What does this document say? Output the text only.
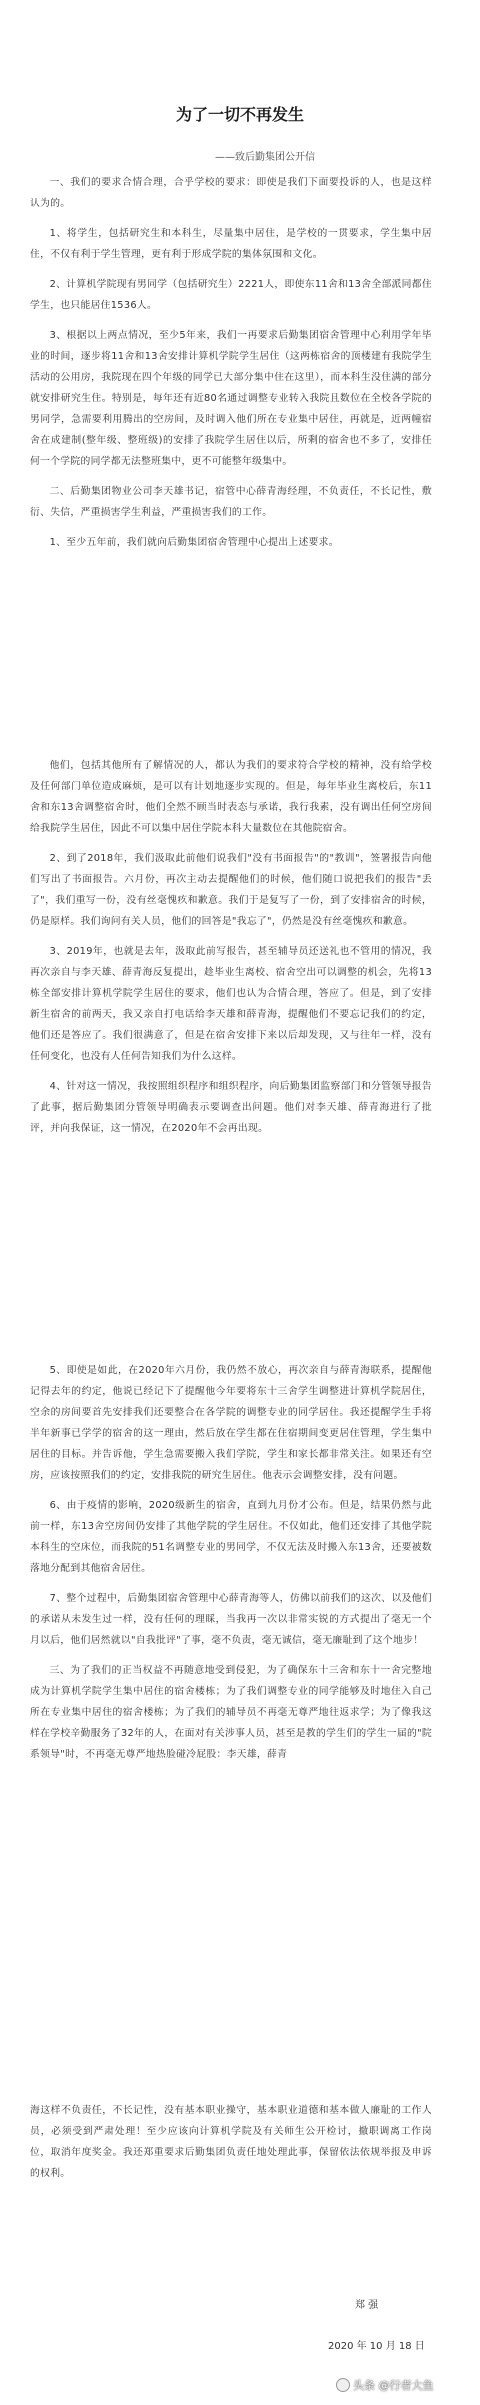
为了一切不再发生
——致后勤集团公开信

一、我们的要求合情合理，合乎学校的要求：即使是我们下面要投诉的人，也是这样认为的。

1、将学生，包括研究生和本科生，尽量集中居住，是学校的一贯要求，学生集中居住，不仅有利于学生管理，更有利于形成学院的集体氛围和文化。

2、计算机学院现有男同学（包括研究生）2221人，即使东11舍和13舍全部派同都住学生，也只能居住1536人。

3、根据以上两点情况，至少5年来，我们一再要求后勤集团宿舍管理中心利用学年毕业的时间，逐步将11舍和13舍安排计算机学院学生居住（这两栋宿舍的顶楼建有我院学生活动的公用房，我院现在四个年级的同学已大部分集中住在这里），而本科生没住满的部分就安排研究生住。特别是，每年还有近80名通过调整专业转入我院且数位在全校各学院的男同学，急需要利用腾出的空房间，及时调入他们所在专业集中居住，再就是，近两幢宿舍在成建制(整年级、整班级)的安排了我院学生居住以后，所剩的宿舍也不多了，安排任何一个学院的同学都无法整班集中，更不可能整年级集中。

二、后勤集团物业公司李天雄书记，宿管中心薛青海经理，不负责任，不长记性，敷衍、失信，严重损害学生利益，严重损害我们的工作。

1、至少五年前，我们就向后勤集团宿舍管理中心提出上述要求。

他们，包括其他所有了解情况的人，都认为我们的要求符合学校的精神，没有给学校及任何部门单位造成麻烦，是可以有计划地逐步实现的。但是，每年毕业生离校后，东11舍和东13舍调整宿舍时，他们全然不顾当时表态与承诺，我行我素，没有调出任何空房间给我院学生居住，因此不可以集中居住学院本科大量数位在其他院宿舍。

2、到了2018年，我们汲取此前他们说我们"没有书面报告"的"教训"，签署报告向他们写出了书面报告。六月份，再次主动去提醒他们的时候，他们随口说把我们的报告"丢了"，我们重写一份，没有丝毫愧疚和歉意。我们于是复写了一份，到了安排宿舍的时候，仍是原样。我们询问有关人员，他们的回答是"我忘了"，仍然是没有丝毫愧疚和歉意。

3、2019年，也就是去年，汲取此前写报告，甚至辅导员还送礼也不管用的情况，我再次亲自与李天雄、薛青海反复提出，趁毕业生离校、宿舍空出可以调整的机会，先将13栋全部安排计算机学院学生居住的要求，他们也认为合情合理，答应了。但是，到了安排新生宿舍的前两天，我又亲自打电话给李天雄和薛青海，提醒他们不要忘记我们的约定，他们还是答应了。我们很满意了，但是在宿舍安排下来以后却发现，又与往年一样，没有任何变化，也没有人任何告知我们为什么这样。

4、针对这一情况，我按照组织程序和组织程序，向后勤集团监察部门和分管领导报告了此事，据后勤集团分管领导明确表示要调查出问题。他们对李天雄、薛青海进行了批评，并向我保证，这一情况，在2020年不会再出现。

5、即使是如此，在2020年六月份，我仍然不放心，再次亲自与薛青海联系，提醒他记得去年的约定，他说已经记下了提醒他今年要将东十三舍学生调整进计算机学院居住，空余的房间要首先安排我们还要整合在各学院的调整专业的同学居住。我还提醒学生手将半年新事已学学的宿舍的这一理由，然后放在学生都在住宿期间变更居住管理，学生集中居住的目标。并告诉他，学生急需要搬入我们学院，学生和家长都非常关注。如果还有空房，应该按照我们的约定，安排我院的研究生居住。他表示会调整安排，没有问题。

6、由于疫情的影响，2020级新生的宿舍，直到九月份才公布。但是，结果仍然与此前一样，东13舍空房间仍安排了其他学院的学生居住。不仅如此，他们还安排了其他学院本科生的空床位，而我院的51名调整专业的男同学，不仅无法及时搬入东13舍，还要被数落地分配到其他宿舍居住。

7、整个过程中，后勤集团宿舍管理中心薛青海等人，仿佛以前我们的这次、以及他们的承诺从未发生过一样，没有任何的理睬，当我再一次以非常实锐的方式提出了毫无一个月以后，他们居然就以"自我批评"了事，毫不负责，毫无诚信，毫无廉耻到了这个地步！

三、为了我们的正当权益不再随意地受到侵犯，为了确保东十三舍和东十一舍完整地成为计算机学院学生集中居住的宿舍楼栋；为了我们调整专业的同学能够及时地住入自己所在专业集中居住的宿舍楼栋；为了我们的辅导员不再毫无尊严地往返求学；为了像我这样在学校辛勤服务了32年的人，在面对有关涉事人员，甚至是教的学生们的学生一届的"院系领导"时，不再毫无尊严地热脸碰冷屁股：李天雄，薛青

海这样不负责任，不长记性，没有基本职业操守，基本职业道德和基本做人廉耻的工作人员，必须受到严肃处理！至少应该向计算机学院及有关师生公开检讨，撤职调离工作岗位，取消年度奖金。我还郑重要求后勤集团负责任地处理此事，保留依法依规举报及申诉的权利。

郑 强
2020 年 10 月 18 日
头条 @行者大鱼
